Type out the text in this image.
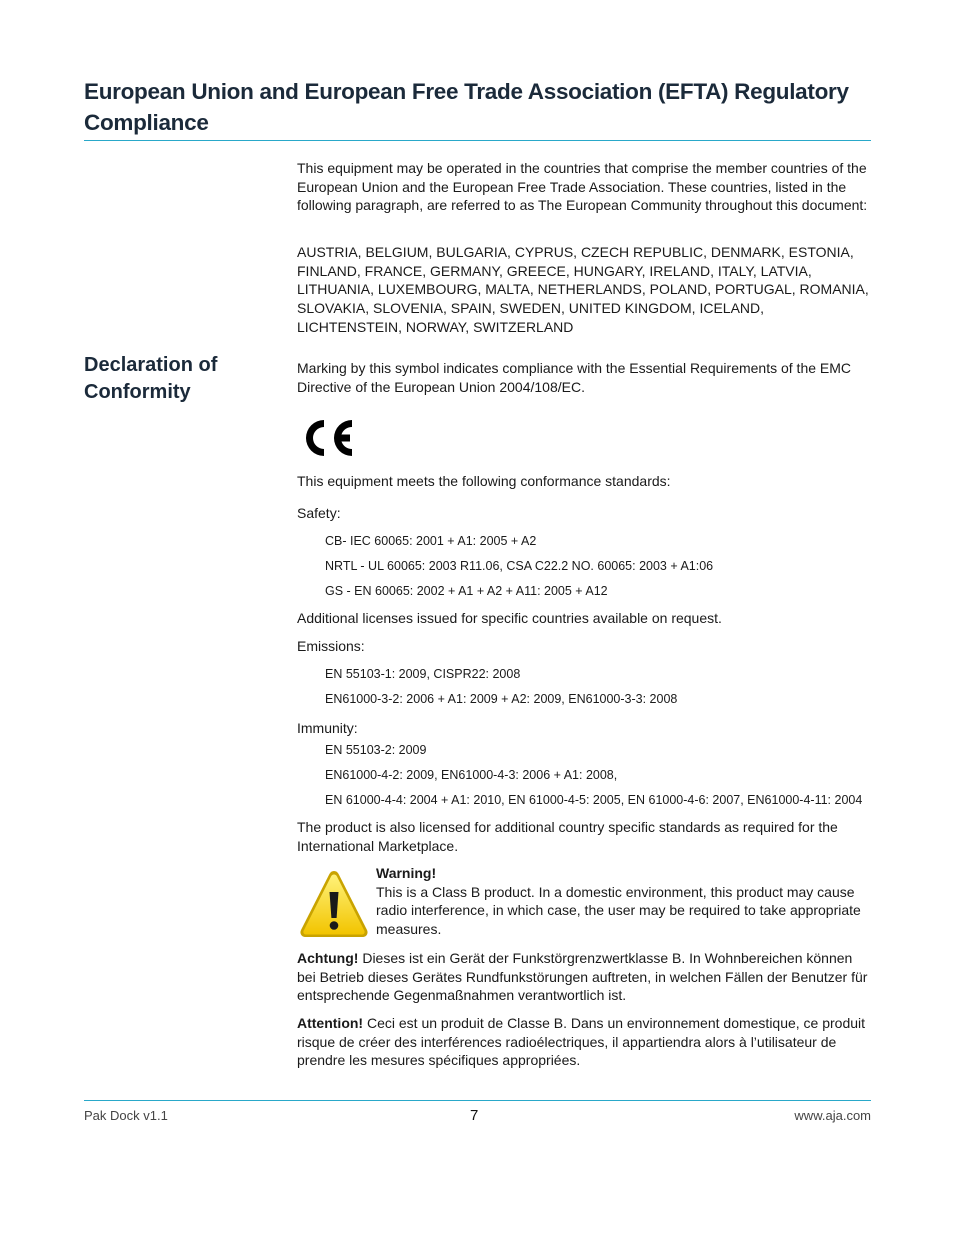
European Union and European Free Trade Association (EFTA) Regulatory Compliance

This equipment may be operated in the countries that comprise the member countries of the European Union and the European Free Trade Association. These countries, listed in the following paragraph, are referred to as The European Community throughout this document:

AUSTRIA, BELGIUM, BULGARIA, CYPRUS, CZECH REPUBLIC, DENMARK, ESTONIA, FINLAND, FRANCE, GERMANY, GREECE, HUNGARY, IRELAND, ITALY, LATVIA, LITHUANIA, LUXEMBOURG, MALTA, NETHERLANDS, POLAND, PORTUGAL, ROMANIA, SLOVAKIA, SLOVENIA, SPAIN, SWEDEN, UNITED KINGDOM, ICELAND, LICHTENSTEIN, NORWAY, SWITZERLAND

Declaration of Conformity

Marking by this symbol indicates compliance with the Essential Requirements of the EMC Directive of the European Union 2004/108/EC.

This equipment meets the following conformance standards:

Safety:

CB- IEC 60065: 2001 + A1: 2005 + A2

NRTL - UL 60065: 2003 R11.06, CSA C22.2 NO. 60065: 2003 + A1:06

GS - EN 60065: 2002 + A1 + A2 + A11: 2005 + A12

Additional licenses issued for specific countries available on request.

Emissions:

EN 55103-1: 2009, CISPR22: 2008

EN61000-3-2: 2006 + A1: 2009 + A2: 2009, EN61000-3-3: 2008

Immunity:

EN 55103-2: 2009

EN61000-4-2: 2009, EN61000-4-3: 2006 + A1: 2008,

EN 61000-4-4: 2004 + A1: 2010, EN 61000-4-5: 2005, EN 61000-4-6: 2007, EN61000-4-11: 2004

The product is also licensed for additional country specific standards as required for the International Marketplace.

Warning!
This is a Class B product. In a domestic environment, this product may cause radio interference, in which case, the user may be required to take appropriate measures.

Achtung! Dieses ist ein Gerät der Funkstörgrenzwertklasse B. In Wohnbereichen können bei Betrieb dieses Gerätes Rundfunkstörungen auftreten, in welchen Fällen der Benutzer für entsprechende Gegenmaßnahmen verantwortlich ist.

Attention! Ceci est un produit de Classe B. Dans un environnement domestique, ce produit risque de créer des interférences radioélectriques, il appartiendra alors à l’utilisateur de prendre les mesures spécifiques appropriées.

Pak Dock v1.1	7	www.aja.com
